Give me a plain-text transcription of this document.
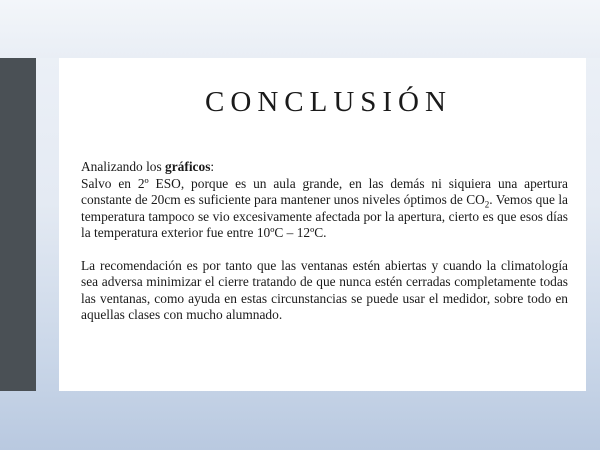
CONCLUSIÓN

Analizando los gráficos:

Salvo en 2º ESO, porque es un aula grande, en las demás ni siquiera una apertura constante de 20cm es suficiente para mantener unos niveles óptimos de $CO_2$. Vemos que la temperatura tampoco se vio excesivamente afectada por la apertura, cierto es que esos días la temperatura exterior fue entre 10ºC – 12ºC.

La recomendación es por tanto que las ventanas estén abiertas y cuando la climatología sea adversa minimizar el cierre tratando de que nunca estén cerradas completamente todas las ventanas, como ayuda en estas circunstancias se puede usar el medidor, sobre todo en aquellas clases con mucho alumnado.
